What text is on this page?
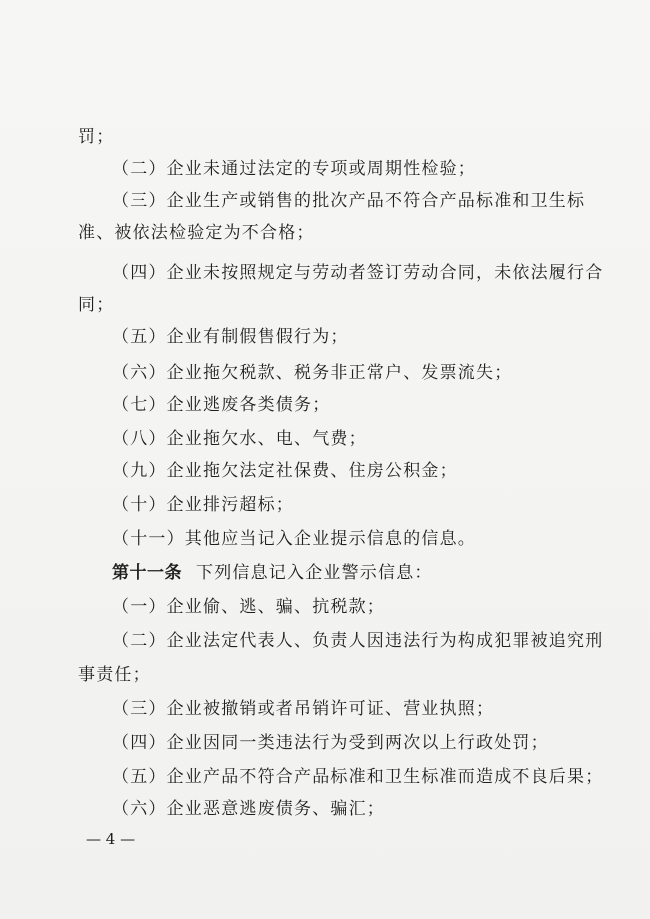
罚；
（二）企业未通过法定的专项或周期性检验；
（三）企业生产或销售的批次产品不符合产品标准和卫生标
准、被依法检验定为不合格；
（四）企业未按照规定与劳动者签订劳动合同，未依法履行合
同；
（五）企业有制假售假行为；
（六）企业拖欠税款、税务非正常户、发票流失；
（七）企业逃废各类债务；
（八）企业拖欠水、电、气费；
（九）企业拖欠法定社保费、住房公积金；
（十）企业排污超标；
（十一）其他应当记入企业提示信息的信息。
第十一条 下列信息记入企业警示信息：
（一）企业偷、逃、骗、抗税款；
（二）企业法定代表人、负责人因违法行为构成犯罪被追究刑
事责任；
（三）企业被撤销或者吊销许可证、营业执照；
（四）企业因同一类违法行为受到两次以上行政处罚；
（五）企业产品不符合产品标准和卫生标准而造成不良后果；
（六）企业恶意逃废债务、骗汇；
— 4 —
